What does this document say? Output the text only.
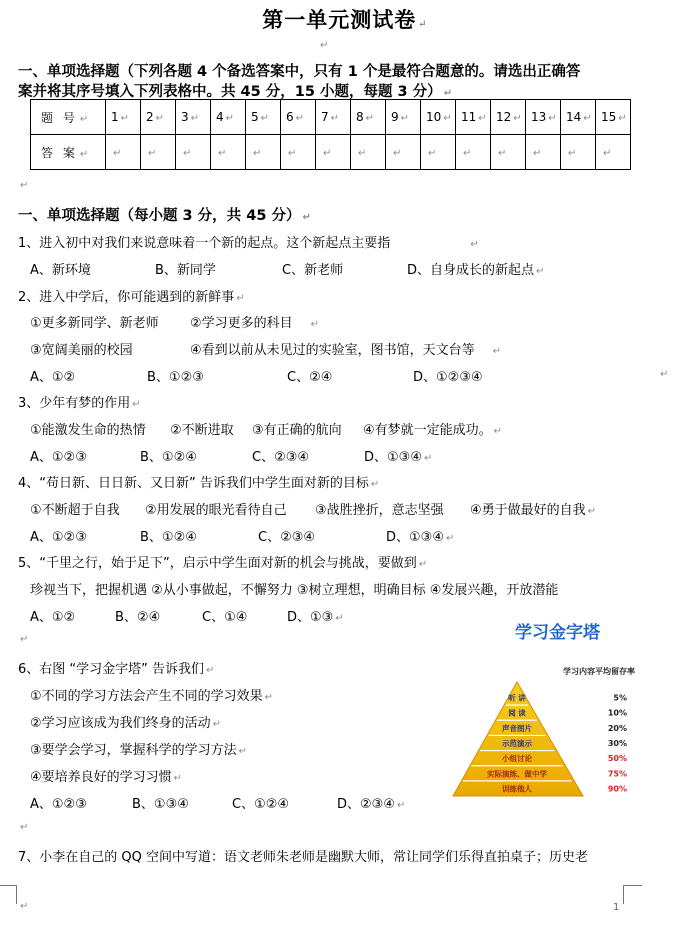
第一单元测试卷 ↵
↵
一、单项选择题（下列各题 4 个备选答案中，只有 1 个是最符合题意的。请选出正确答
案并将其序号填入下列表格中。共 45 分，15 小题，每题 3 分） ↵
题 号 ↵	1 ↵	2 ↵	3 ↵	4 ↵	5 ↵	6 ↵	7 ↵	8 ↵	9 ↵	10 ↵	11 ↵	12 ↵	13 ↵	14 ↵	15 ↵
答 案 ↵	↵	↵	↵	↵	↵	↵	↵	↵	↵	↵	↵	↵	↵	↵	↵
↵
一、单项选择题（每小题 3 分，共 45 分） ↵
1、进入初中对我们来说意味着一个新的起点。这个新起点主要指	↵
A、新环境	B、新同学	C、新老师	D、自身成长的新起点 ↵
2、进入中学后，你可能遇到的新鲜事 ↵
①更多新同学、新老师 ②学习更多的科目 ↵
③宽阔美丽的校园	④看到以前从未见过的实验室，图书馆，天文台等 ↵
A、①②	B、①②③	C、②④	D、①②③④	↵
3、少年有梦的作用 ↵
①能激发生命的热情 ②不断进取 ③有正确的航向 ④有梦就一定能成功。 ↵
A、①②③	B、①②④	C、②③④	D、①③④ ↵
4、“苟日新、日日新、又日新” 告诉我们中学生面对新的目标 ↵
①不断超于自我 ②用发展的眼光看待自己 ③战胜挫折，意志坚强 ④勇于做最好的自我 ↵
A、①②③	B、①②④	C、②③④	D、①③④ ↵
5、“千里之行，始于足下”，启示中学生面对新的机会与挑战，要做到 ↵
珍视当下，把握机遇 ②从小事做起，不懈努力 ③树立理想，明确目标 ④发展兴趣，开放潜能
A、①②	B、②④	C、①④	D、①③ ↵
↵
6、右图 “学习金字塔” 告诉我们 ↵
①不同的学习方法会产生不同的学习效果 ↵
②学习应该成为我们终身的活动 ↵
③要学会学习，掌握科学的学习方法 ↵
④要培养良好的学习习惯 ↵
A、①②③	B、①③④	C、①②④	D、②③④ ↵
↵
7、小李在自己的 QQ 空间中写道：语文老师朱老师是幽默大师，常让同学们乐得直拍桌子；历史老
学习金字塔
学习内容平均留存率
听 讲	5%
阅 读	10%
声音图片	20%
示范演示	30%
小组讨论	50%
实际演练、做中学	75%
训练他人	90%
1
↵
